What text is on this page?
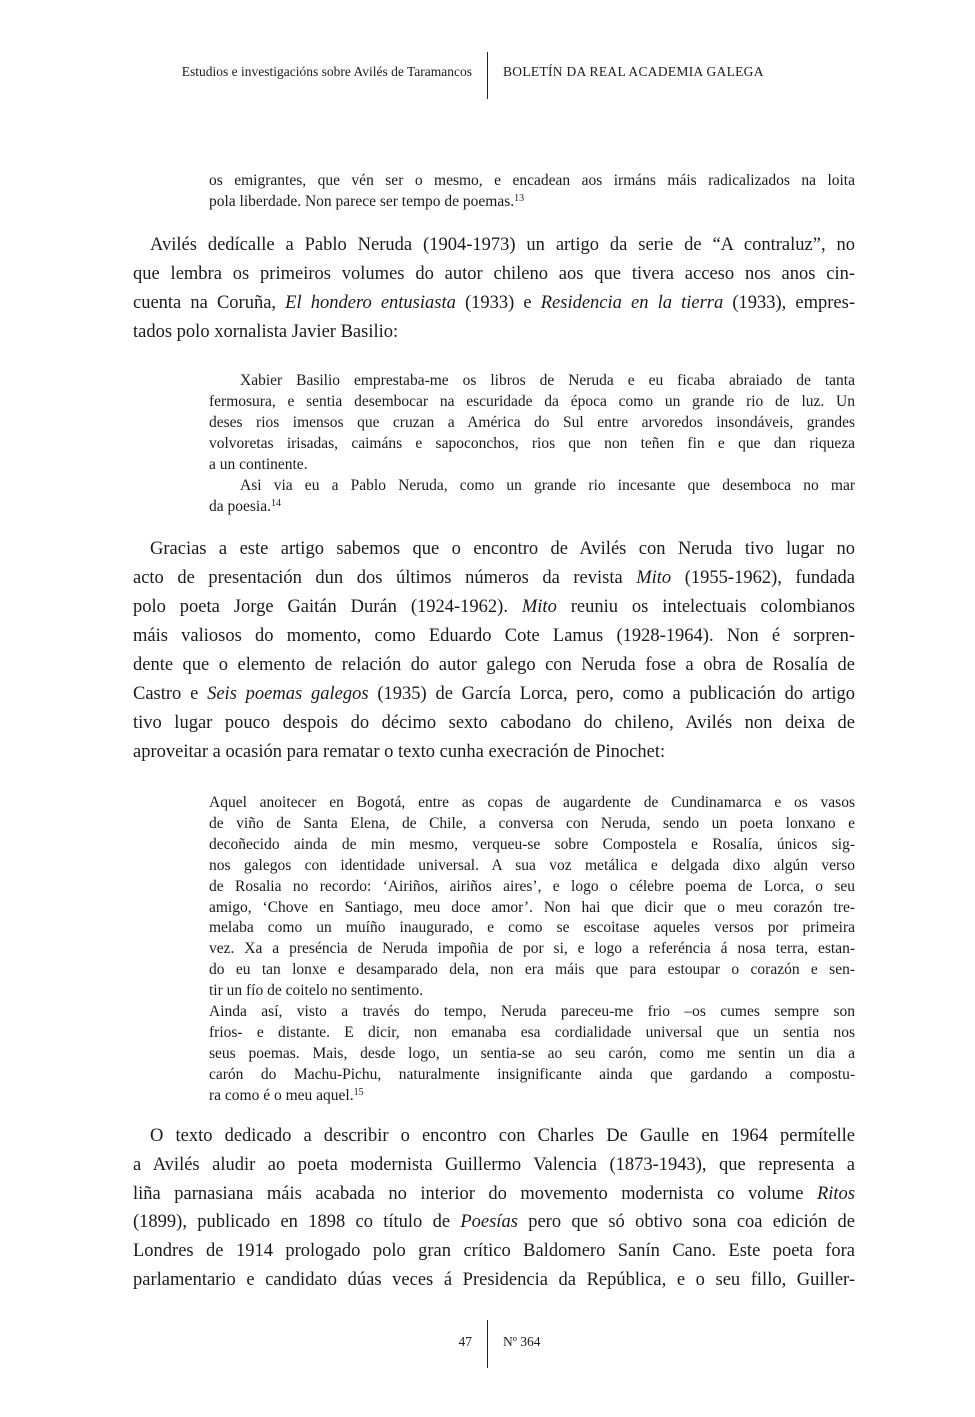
Estudios e investigacións sobre Avilés de Taramancos BOLETÍN DA REAL ACADEMIA GALEGA
os emigrantes, que vén ser o mesmo, e encadean aos irmáns máis radicalizados na loita
pola liberdade. Non parece ser tempo de poemas.$^{13}$
Avilés dedícalle a Pablo Neruda (1904-1973) un artigo da serie de “A contraluz”, no
que lembra os primeiros volumes do autor chileno aos que tivera acceso nos anos cin-
cuenta na Coruña, El hondero entusiasta (1933) e Residencia en la tierra (1933), empres-
tados polo xornalista Javier Basilio:
Xabier Basilio emprestaba-me os libros de Neruda e eu ficaba abraiado de tanta
fermosura, e sentia desembocar na escuridade da época como un grande rio de luz. Un
deses rios imensos que cruzan a América do Sul entre arvoredos insondáveis, grandes
volvoretas irisadas, caimáns e sapoconchos, rios que non teñen fin e que dan riqueza
a un continente.
Asi via eu a Pablo Neruda, como un grande rio incesante que desemboca no mar
da poesia.$^{14}$
Gracias a este artigo sabemos que o encontro de Avilés con Neruda tivo lugar no
acto de presentación dun dos últimos números da revista Mito (1955-1962), fundada
polo poeta Jorge Gaitán Durán (1924-1962). Mito reuniu os intelectuais colombianos
máis valiosos do momento, como Eduardo Cote Lamus (1928-1964). Non é sorpren-
dente que o elemento de relación do autor galego con Neruda fose a obra de Rosalía de
Castro e Seis poemas galegos (1935) de García Lorca, pero, como a publicación do artigo
tivo lugar pouco despois do décimo sexto cabodano do chileno, Avilés non deixa de
aproveitar a ocasión para rematar o texto cunha execración de Pinochet:
Aquel anoitecer en Bogotá, entre as copas de augardente de Cundinamarca e os vasos
de viño de Santa Elena, de Chile, a conversa con Neruda, sendo un poeta lonxano e
decoñecido ainda de min mesmo, verqueu-se sobre Compostela e Rosalía, únicos sig-
nos galegos con identidade universal. A sua voz metálica e delgada dixo algún verso
de Rosalia no recordo: ‘Airiños, airiños aires’, e logo o célebre poema de Lorca, o seu
amigo, ‘Chove en Santiago, meu doce amor’. Non hai que dicir que o meu corazón tre-
melaba como un muíño inaugurado, e como se escoitase aqueles versos por primeira
vez. Xa a preséncia de Neruda impoñia de por si, e logo a referéncia á nosa terra, estan-
do eu tan lonxe e desamparado dela, non era máis que para estoupar o corazón e sen-
tir un fío de coitelo no sentimento.
Ainda así, visto a través do tempo, Neruda pareceu-me frio –os cumes sempre son
frios- e distante. E dicir, non emanaba esa cordialidade universal que un sentia nos
seus poemas. Mais, desde logo, un sentia-se ao seu carón, como me sentin un dia a
carón do Machu-Pichu, naturalmente insignificante ainda que gardando a compostu-
ra como é o meu aquel.$^{15}$
O texto dedicado a describir o encontro con Charles De Gaulle en 1964 permítelle
a Avilés aludir ao poeta modernista Guillermo Valencia (1873-1943), que representa a
liña parnasiana máis acabada no interior do movemento modernista co volume Ritos
(1899), publicado en 1898 co título de Poesías pero que só obtivo sona coa edición de
Londres de 1914 prologado polo gran crítico Baldomero Sanín Cano. Este poeta fora
parlamentario e candidato dúas veces á Presidencia da República, e o seu fillo, Guiller-
47 Nº 364
